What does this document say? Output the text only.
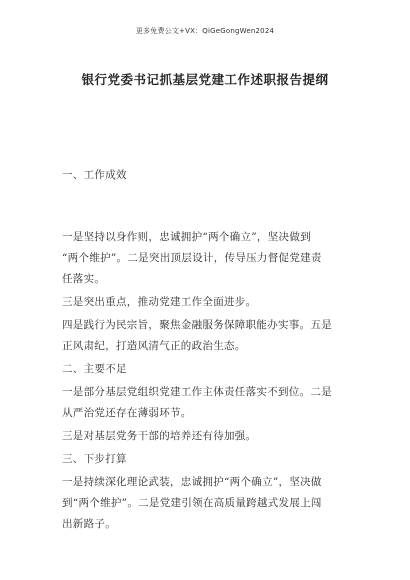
更多免费公文+VX：QiGeGongWen2024
银行党委书记抓基层党建工作述职报告提纲
一、工作成效
一是坚持以身作则，忠诚拥护“两个确立”，坚决做到
“两个维护”。二是突出顶层设计，传导压力督促党建责
任落实。
三是突出重点，推动党建工作全面进步。
四是践行为民宗旨，聚焦金融服务保障职能办实事。五是
正风肃纪，打造风清气正的政治生态。
二、主要不足
一是部分基层党组织党建工作主体责任落实不到位。二是
从严治党还存在薄弱环节。
三是对基层党务干部的培养还有待加强。
三、下步打算
一是持续深化理论武装，忠诚拥护“两个确立”，坚决做
到“两个维护”。二是党建引领在高质量跨越式发展上闯
出新路子。
